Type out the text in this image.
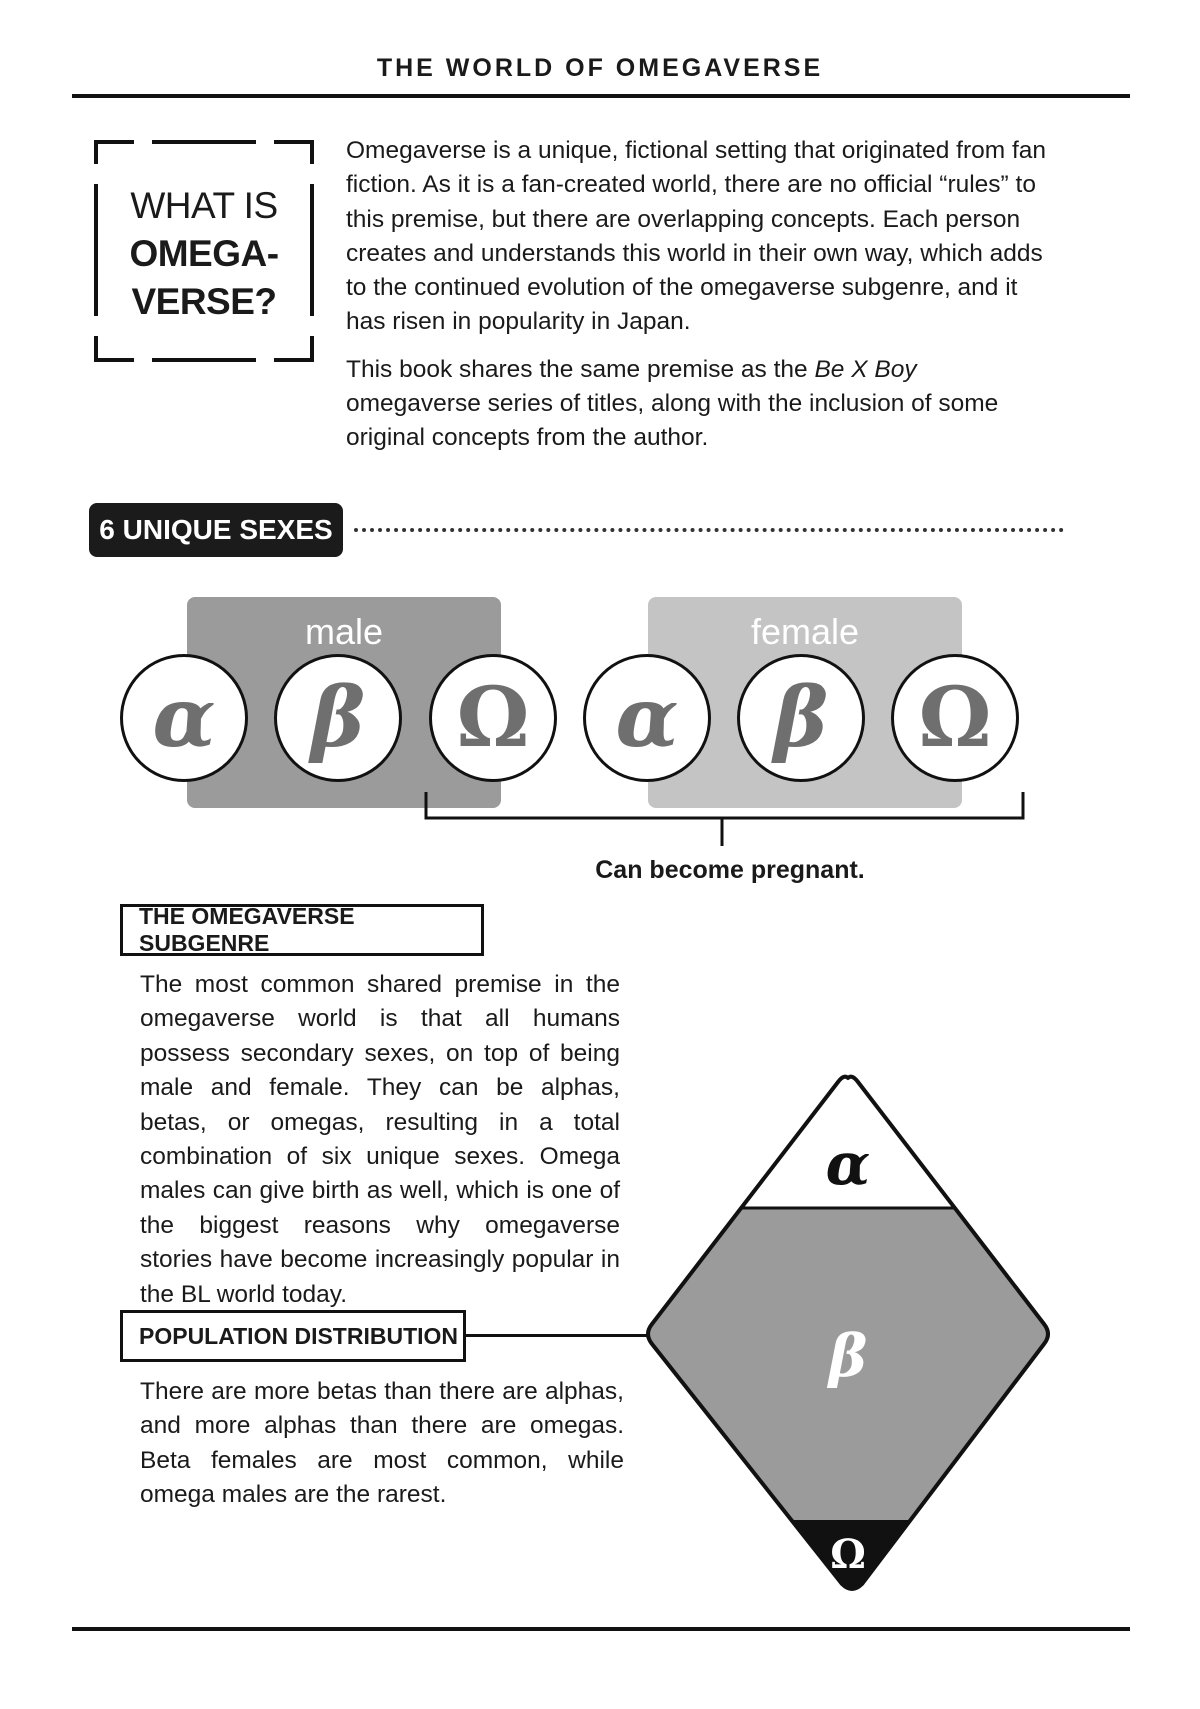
THE WORLD OF OMEGAVERSE
WHAT IS
OMEGA-
VERSE?

Omegaverse is a unique, fictional setting that originated from fan fiction. As it is a fan-created world, there are no official “rules” to this premise, but there are overlapping concepts. Each person creates and understands this world in their own way, which adds to the continued evolution of the omegaverse subgenre, and it has risen in popularity in Japan.

This book shares the same premise as the Be X Boy omegaverse series of titles, along with the inclusion of some original concepts from the author.

6 UNIQUE SEXES
male	female
α	β	Ω	α	β	Ω
Can become pregnant.
THE OMEGAVERSE SUBGENRE
The most common shared premise in the omegaverse world is that all humans possess secondary sexes, on top of being male and female. They can be alphas, betas, or omegas, resulting in a total combination of six unique sexes. Omega males can give birth as well, which is one of the biggest reasons why omegaverse stories have become increasingly popular in the BL world today.
POPULATION DISTRIBUTION
There are more betas than there are alphas, and more alphas than there are omegas. Beta females are most common, while omega males are the rarest.
α
β
Ω
